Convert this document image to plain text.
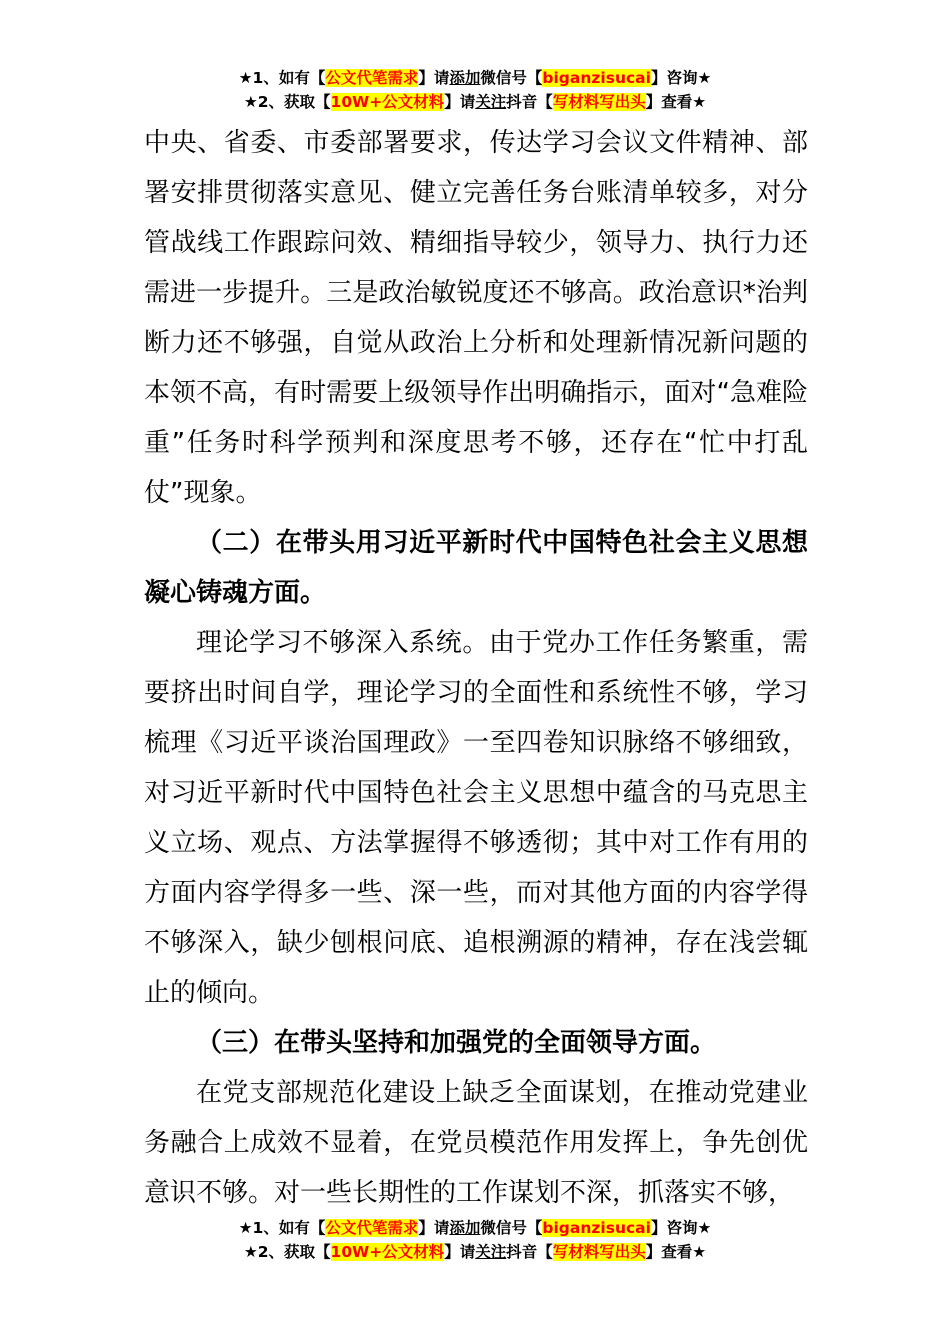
★1、如有【公文代笔需求】请添加微信号【biganzisucai】咨询★
★2、获取【10W+公文材料】请关注抖音【写材料写出头】查看★

中央、省委、市委部署要求，传达学习会议文件精神、部署安排贯彻落实意见、健立完善任务台账清单较多，对分管战线工作跟踪问效、精细指导较少，领导力、执行力还需进一步提升。三是政治敏锐度还不够高。政治意识*治判断力还不够强，自觉从政治上分析和处理新情况新问题的本领不高，有时需要上级领导作出明确指示，面对“急难险重”任务时科学预判和深度思考不够，还存在“忙中打乱仗”现象。

（二）在带头用习近平新时代中国特色社会主义思想凝心铸魂方面。

理论学习不够深入系统。由于党办工作任务繁重，需要挤出时间自学，理论学习的全面性和系统性不够，学习梳理《习近平谈治国理政》一至四卷知识脉络不够细致，对习近平新时代中国特色社会主义思想中蕴含的马克思主义立场、观点、方法掌握得不够透彻；其中对工作有用的方面内容学得多一些、深一些，而对其他方面的内容学得不够深入，缺少刨根问底、追根溯源的精神，存在浅尝辄止的倾向。

（三）在带头坚持和加强党的全面领导方面。

在党支部规范化建设上缺乏全面谋划，在推动党建业务融合上成效不显着，在党员模范作用发挥上，争先创优意识不够。对一些长期性的工作谋划不深，抓落实不够，

★1、如有【公文代笔需求】请添加微信号【biganzisucai】咨询★
★2、获取【10W+公文材料】请关注抖音【写材料写出头】查看★
